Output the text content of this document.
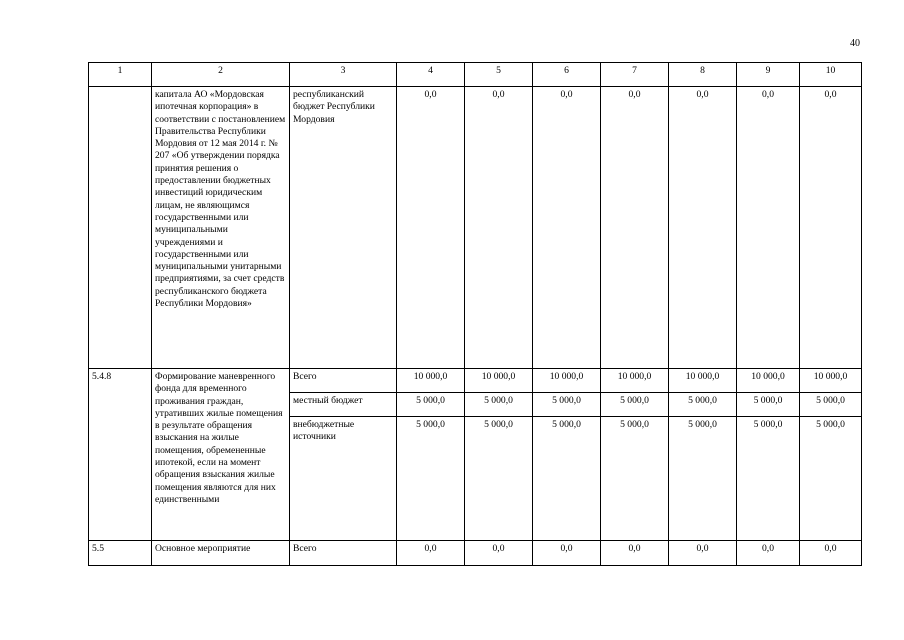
40
1	2	3	4	5	6	7	8	9	10
	капитала АО «Мордовская ипотечная корпорация» в соответствии с постановлением Правительства Республики Мордовия от 12 мая 2014 г. № 207 «Об утверждении порядка принятия решения о предоставлении бюджетных инвестиций юридическим лицам, не являющимся государственными или муниципальными учреждениями и государственными или муниципальными унитарными предприятиями, за счет средств республиканского бюджета Республики Мордовия»	республиканский бюджет Республики Мордовия	0,0	0,0	0,0	0,0	0,0	0,0	0,0
5.4.8	Формирование маневренного фонда для временного проживания граждан, утративших жилые помещения в результате обращения взыскания на жилые помещения, обремененные ипотекой, если на момент обращения взыскания жилые помещения являются для них единственными	Всего	10 000,0	10 000,0	10 000,0	10 000,0	10 000,0	10 000,0	10 000,0
		местный бюджет	5 000,0	5 000,0	5 000,0	5 000,0	5 000,0	5 000,0	5 000,0
		внебюджетные источники	5 000,0	5 000,0	5 000,0	5 000,0	5 000,0	5 000,0	5 000,0
5.5	Основное мероприятие	Всего	0,0	0,0	0,0	0,0	0,0	0,0	0,0
